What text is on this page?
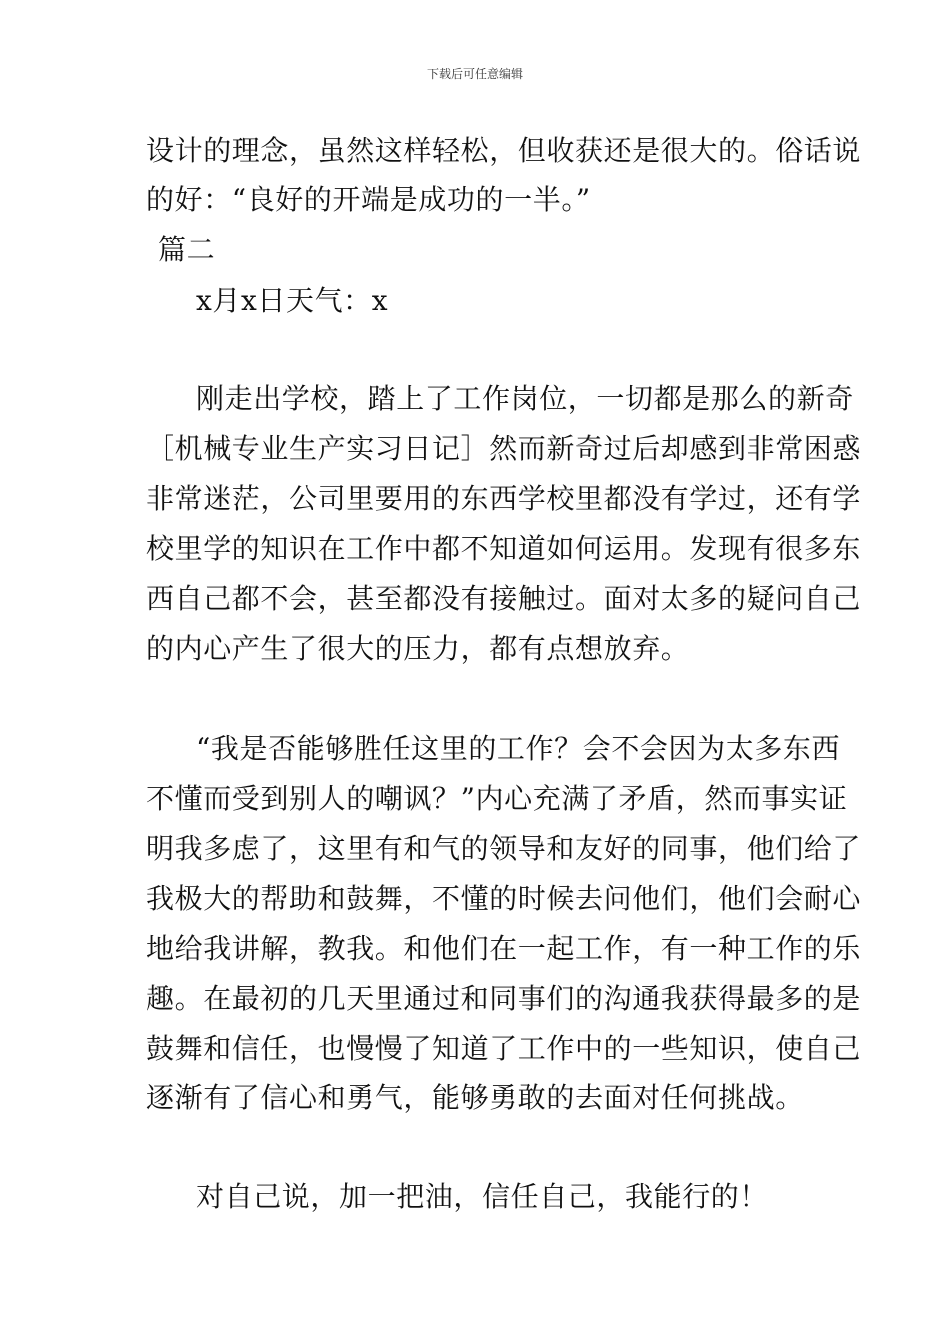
下载后可任意编辑
设计的理念，虽然这样轻松，但收获还是很大的。俗话说
的好：“良好的开端是成功的一半。”
篇二
x月x日天气：x
刚走出学校，踏上了工作岗位，一切都是那么的新奇
［机械专业生产实习日记］然而新奇过后却感到非常困惑
非常迷茫，公司里要用的东西学校里都没有学过，还有学
校里学的知识在工作中都不知道如何运用。发现有很多东
西自己都不会，甚至都没有接触过。面对太多的疑问自己
的内心产生了很大的压力，都有点想放弃。
“我是否能够胜任这里的工作？会不会因为太多东西
不懂而受到别人的嘲讽？”内心充满了矛盾，然而事实证
明我多虑了，这里有和气的领导和友好的同事，他们给了
我极大的帮助和鼓舞，不懂的时候去问他们，他们会耐心
地给我讲解，教我。和他们在一起工作，有一种工作的乐
趣。在最初的几天里通过和同事们的沟通我获得最多的是
鼓舞和信任，也慢慢了知道了工作中的一些知识，使自己
逐渐有了信心和勇气，能够勇敢的去面对任何挑战。
对自己说，加一把油，信任自己，我能行的！
